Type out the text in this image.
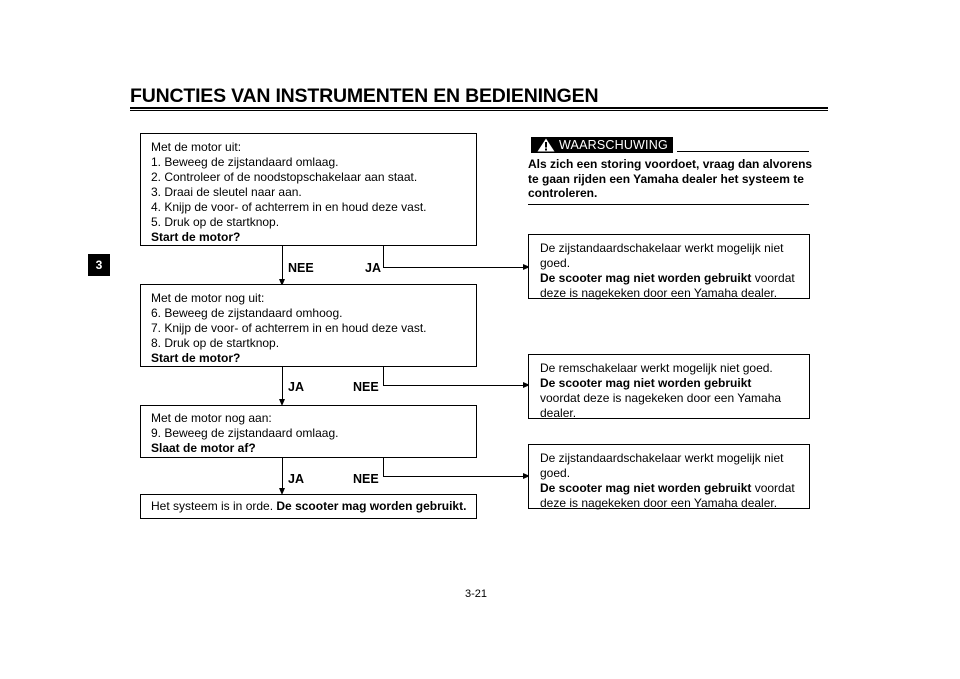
FUNCTIES VAN INSTRUMENTEN EN BEDIENINGEN
3
Met de motor uit:
1. Beweeg de zijstandaard omlaag.
2. Controleer of de noodstopschakelaar aan staat.
3. Draai de sleutel naar aan.
4. Knijp de voor- of achterrem in en houd deze vast.
5. Druk op de startknop.
Start de motor?
NEE	JA
De zijstandaardschakelaar werkt mogelijk niet
goed.
De scooter mag niet worden gebruikt voordat
deze is nagekeken door een Yamaha dealer.
Met de motor nog uit:
6. Beweeg de zijstandaard omhoog.
7. Knijp de voor- of achterrem in en houd deze vast.
8. Druk op de startknop.
Start de motor?
JA	NEE
De remschakelaar werkt mogelijk niet goed.
De scooter mag niet worden gebruikt
voordat deze is nagekeken door een Yamaha
dealer.
Met de motor nog aan:
9. Beweeg de zijstandaard omlaag.
Slaat de motor af?
JA	NEE
De zijstandaardschakelaar werkt mogelijk niet
goed.
De scooter mag niet worden gebruikt voordat
deze is nagekeken door een Yamaha dealer.
Het systeem is in orde. De scooter mag worden gebruikt.
WAARSCHUWING
Als zich een storing voordoet, vraag dan alvorens te gaan rijden een Yamaha dealer het systeem te controleren.
3-21
